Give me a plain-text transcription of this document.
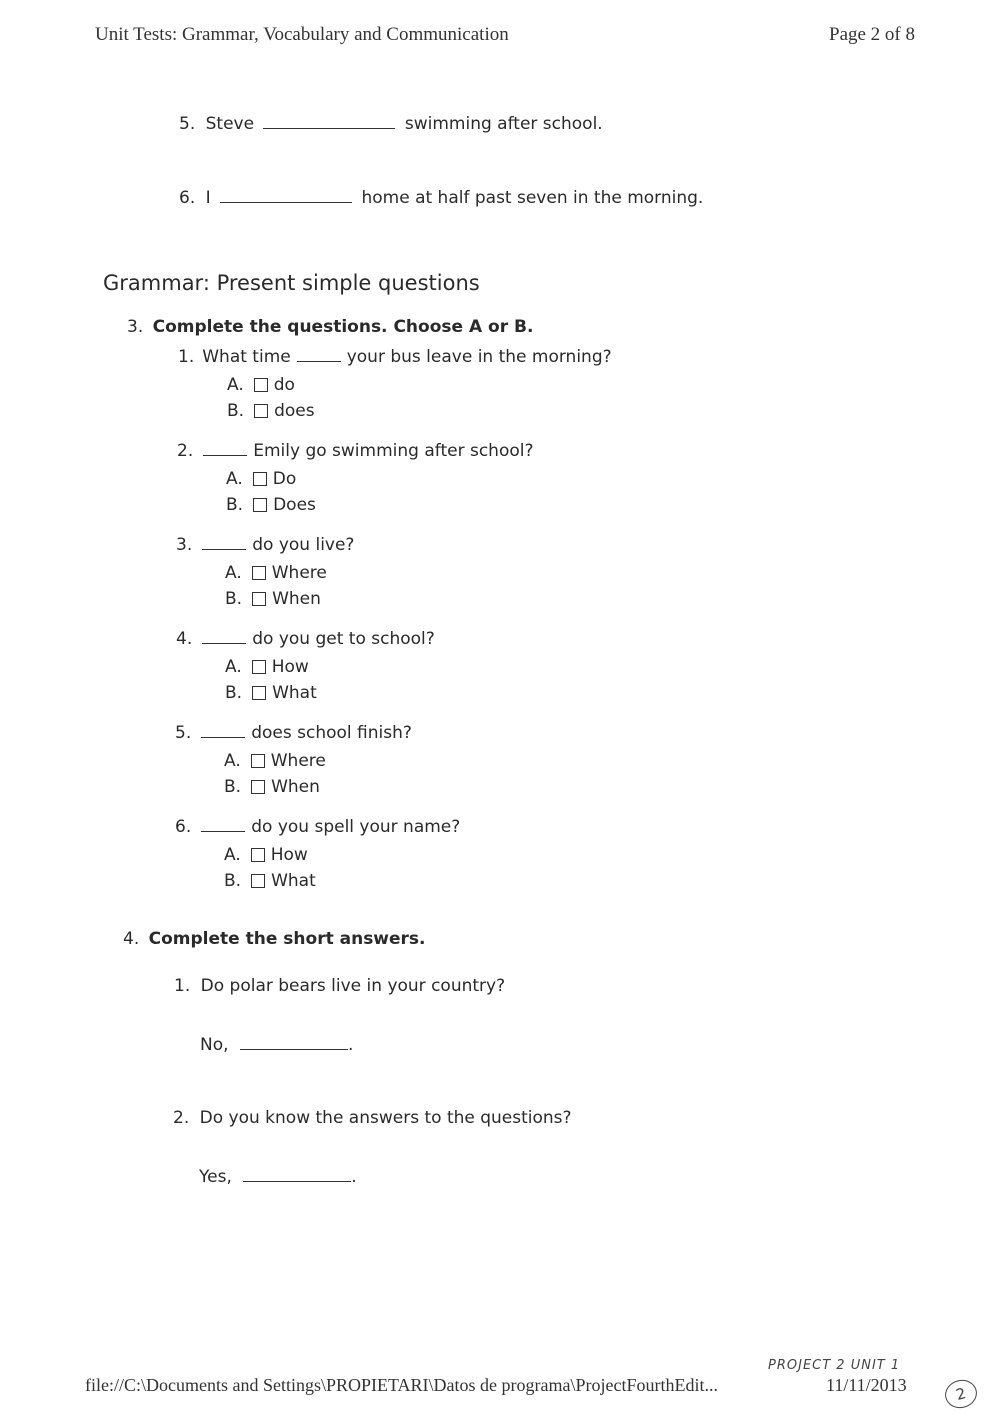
Unit Tests: Grammar, Vocabulary and Communication	Page 2 of 8
5. Steve	swimming after school.
6. I	home at half past seven in the morning.
Grammar: Present simple questions
3. Complete the questions. Choose A or B.
1. What time	your bus leave in the morning?
A. do
B. does
2.	Emily go swimming after school?
A. Do
B. Does
3.	do you live?
A. Where
B. When
4.	do you get to school?
A. How
B. What
5.	does school finish?
A. Where
B. When
6.	do you spell your name?
A. How
B. What
4. Complete the short answers.
1. Do polar bears live in your country?
No,	.
2. Do you know the answers to the questions?
Yes,	.
PROJECT 2 UNIT 1
file://C:\Documents and Settings\PROPIETARI\Datos de programa\ProjectFourthEdit...	11/11/2013	2
